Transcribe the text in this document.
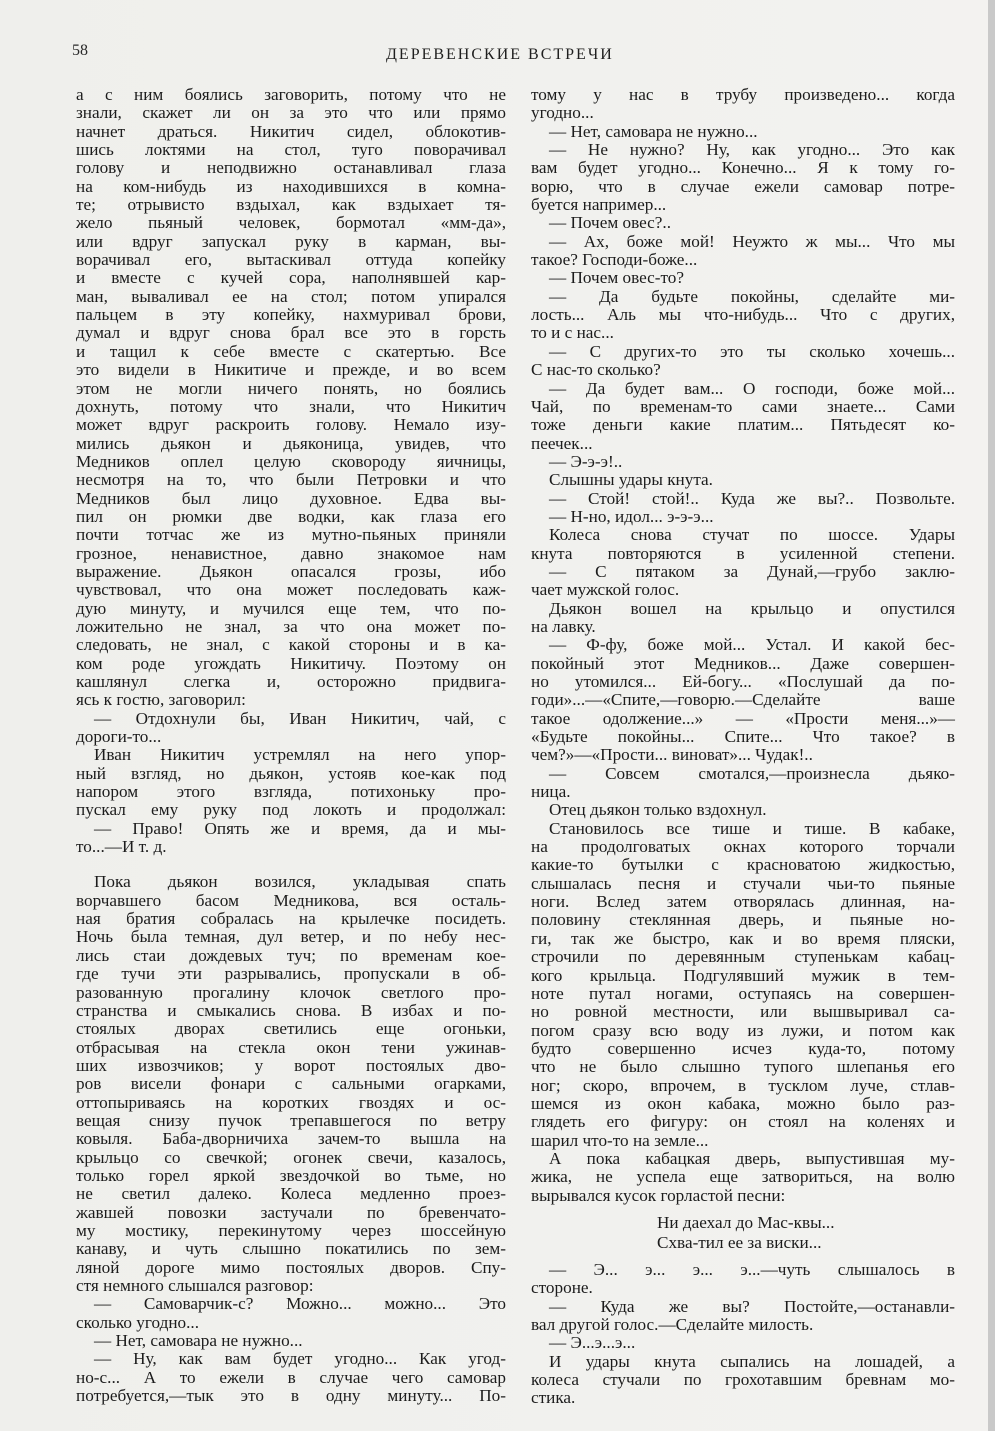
58	ДЕРЕВЕНСКИЕ ВСТРЕЧИ
а с ним боялись заговорить, потому что не
знали, скажет ли он за это что или прямо
начнет драться. Никитич сидел, облокотив-
шись локтями на стол, туго поворачивал
голову и неподвижно останавливал глаза
на ком-нибудь из находившихся в комна-
те; отрывисто вздыхал, как вздыхает тя-
жело пьяный человек, бормотал «мм-да»,
или вдруг запускал руку в карман, вы-
ворачивал его, вытаскивал оттуда копейку
и вместе с кучей сора, наполнявшей кар-
ман, вываливал ее на стол; потом упирался
пальцем в эту копейку, нахмуривал брови,
думал и вдруг снова брал все это в горсть
и тащил к себе вместе с скатертью. Все
это видели в Никитиче и прежде, и во всем
этом не могли ничего понять, но боялись
дохнуть, потому что знали, что Никитич
может вдруг раскроить голову. Немало изу-
мились дьякон и дьяконица, увидев, что
Медников оплел целую сковороду яичницы,
несмотря на то, что были Петровки и что
Медников был лицо духовное. Едва вы-
пил он рюмки две водки, как глаза его
почти тотчас же из мутно-пьяных приняли
грозное, ненавистное, давно знакомое нам
выражение. Дьякон опасался грозы, ибо
чувствовал, что она может последовать каж-
дую минуту, и мучился еще тем, что по-
ложительно не знал, за что она может по-
следовать, не знал, с какой стороны и в ка-
ком роде угождать Никитичу. Поэтому он
кашлянул слегка и, осторожно придвига-
ясь к гостю, заговорил:
— Отдохнули бы, Иван Никитич, чай, с
дороги-то...
Иван Никитич устремлял на него упор-
ный взгляд, но дьякон, устояв кое-как под
напором этого взгляда, потихоньку про-
пускал ему руку под локоть и продолжал:
— Право! Опять же и время, да и мы-
то...—И т. д.
Пока дьякон возился, укладывая спать
ворчавшего басом Медникова, вся осталь-
ная братия собралась на крылечке посидеть.
Ночь была темная, дул ветер, и по небу нес-
лись стаи дождевых туч; по временам кое-
где тучи эти разрывались, пропускали в об-
разованную прогалину клочок светлого про-
странства и смыкались снова. В избах и по-
стоялых дворах светились еще огоньки,
отбрасывая на стекла окон тени ужинав-
ших извозчиков; у ворот постоялых дво-
ров висели фонари с сальными огарками,
оттопыриваясь на коротких гвоздях и ос-
вещая снизу пучок трепавшегося по ветру
ковыля. Баба-дворничиха зачем-то вышла на
крыльцо со свечкой; огонек свечи, казалось,
только горел яркой звездочкой во тьме, но
не светил далеко. Колеса медленно проез-
жавшей повозки застучали по бревенчато-
му мостику, перекинутому через шоссейную
канаву, и чуть слышно покатились по зем-
ляной дороге мимо постоялых дворов. Спу-
стя немного слышался разговор:
— Самоварчик-с? Можно... можно... Это
сколько угодно...
— Нет, самовара не нужно...
— Ну, как вам будет угодно... Как угод-
но-с... А то ежели в случае чего самовар
потребуется,—тык это в одну минуту... По-
тому у нас в трубу произведено... когда
угодно...
— Нет, самовара не нужно...
— Не нужно? Ну, как угодно... Это как
вам будет угодно... Конечно... Я к тому го-
ворю, что в случае ежели самовар потре-
буется например...
— Почем овес?..
— Ах, боже мой! Неужто ж мы... Что мы
такое? Господи-боже...
— Почем овес-то?
— Да будьте покойны, сделайте ми-
лость... Аль мы что-нибудь... Что с других,
то и с нас...
— С других-то это ты сколько хочешь...
С нас-то сколько?
— Да будет вам... О господи, боже мой...
Чай, по временам-то сами знаете... Сами
тоже деньги какие платим... Пятьдесят ко-
пеечек...
— Э-э-э!..
Слышны удары кнута.
— Стой! стой!.. Куда же вы?.. Позвольте.
— Н-но, идол... э-э-э...
Колеса снова стучат по шоссе. Удары
кнута повторяются в усиленной степени.
— С пятаком за Дунай,—грубо заклю-
чает мужской голос.
Дьякон вошел на крыльцо и опустился
на лавку.
— Ф-фу, боже мой... Устал. И какой бес-
покойный этот Медников... Даже совершен-
но утомился... Ей-богу... «Послушай да по-
годи»...—«Спите,—говорю.—Сделайте ваше
такое одолжение...» — «Прости меня...»—
«Будьте покойны... Спите... Что такое? в
чем?»—«Прости... виноват»... Чудак!..
— Совсем смотался,—произнесла дьяко-
ница.
Отец дьякон только вздохнул.
Становилось все тише и тише. В кабаке,
на продолговатых окнах которого торчали
какие-то бутылки с красноватою жидкостью,
слышалась песня и стучали чьи-то пьяные
ноги. Вслед затем отворялась длинная, на-
половину стеклянная дверь, и пьяные но-
ги, так же быстро, как и во время пляски,
строчили по деревянным ступенькам кабац-
кого крыльца. Подгулявший мужик в тем-
ноте путал ногами, оступаясь на совершен-
но ровной местности, или вышвыривал са-
погом сразу всю воду из лужи, и потом как
будто совершенно исчез куда-то, потому
что не было слышно тупого шлепанья его
ног; скоро, впрочем, в тусклом луче, стлав-
шемся из окон кабака, можно было раз-
глядеть его фигуру: он стоял на коленях и
шарил что-то на земле...
А пока кабацкая дверь, выпустившая му-
жика, не успела еще затвориться, на волю
вырывался кусок горластой песни:
Ни даехал до Мас-квы...
Схва-тил ее за виски...
— Э... э... э... э...—чуть слышалось в
стороне.
— Куда же вы? Постойте,—останавли-
вал другой голос.—Сделайте милость.
— Э...э...э...
И удары кнута сыпались на лошадей, а
колеса стучали по грохотавшим бревнам мо-
стика.
